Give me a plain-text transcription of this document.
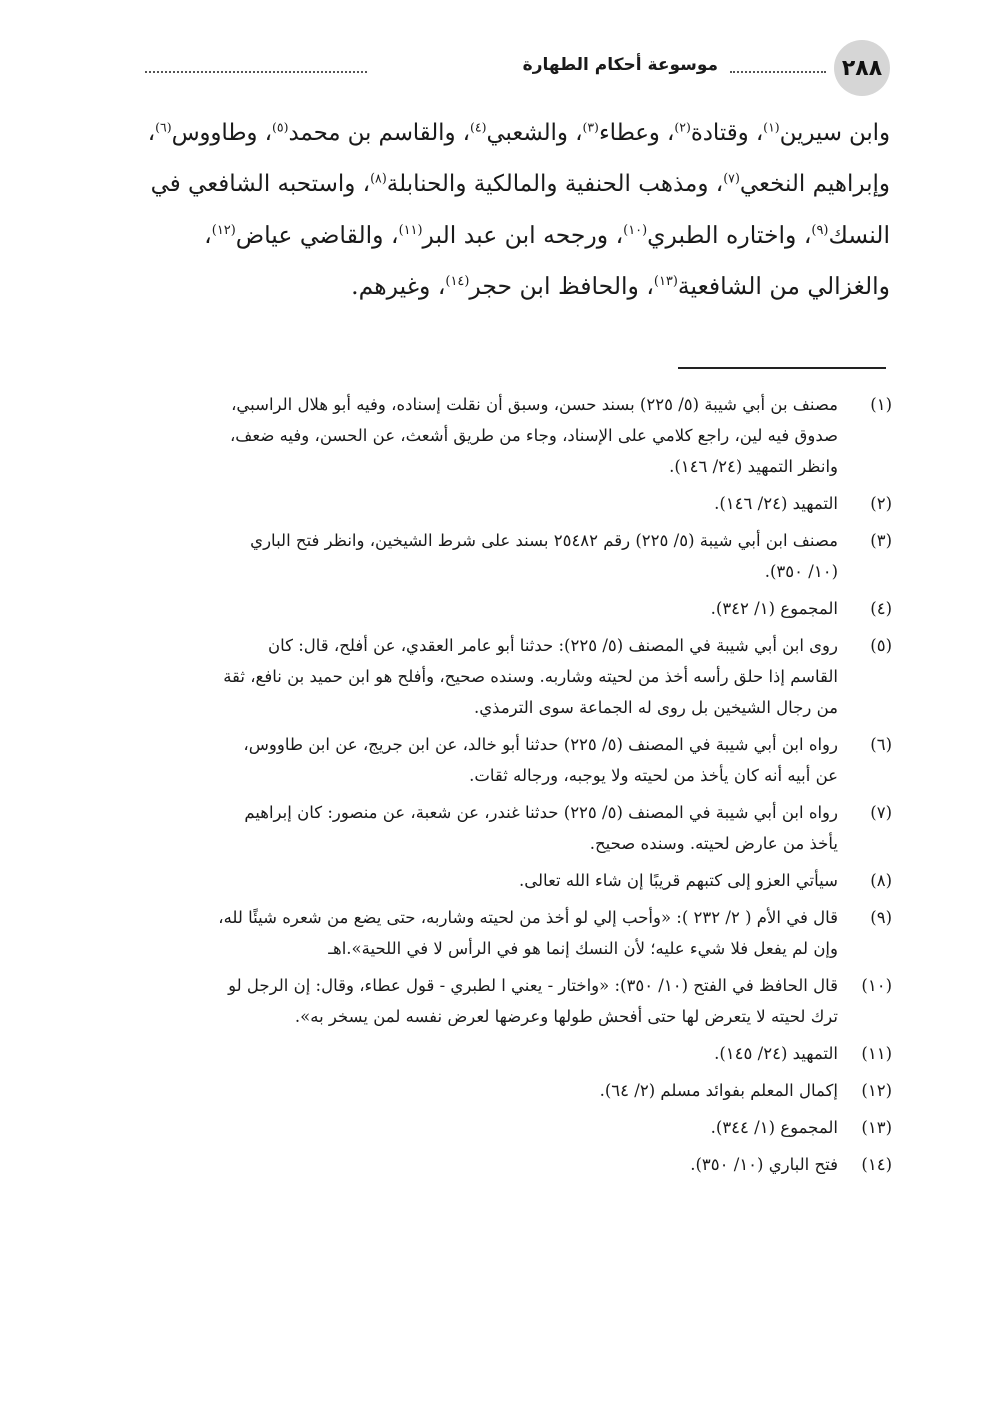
٢٨٨
موسوعة أحكام الطهارة
وابن سيرين$^{(١)}$، وقتادة$^{(٢)}$، وعطاء$^{(٣)}$، والشعبي$^{(٤)}$، والقاسم بن محمد$^{(٥)}$، وطاووس$^{(٦)}$،
وإبراهيم النخعي$^{(٧)}$، ومذهب الحنفية والمالكية والحنابلة$^{(٨)}$، واستحبه الشافعي في
النسك$^{(٩)}$، واختاره الطبري$^{(١٠)}$، ورجحه ابن عبد البر$^{(١١)}$، والقاضي عياض$^{(١٢)}$،
والغزالي من الشافعية$^{(١٣)}$، والحافظ ابن حجر$^{(١٤)}$، وغيرهم.
(١)
مصنف بن أبي شيبة (٥/ ٢٢٥) بسند حسن، وسبق أن نقلت إسناده، وفيه أبو هلال الراسبي،
صدوق فيه لين، راجع كلامي على الإسناد، وجاء من طريق أشعث، عن الحسن، وفيه ضعف،
وانظر التمهيد (٢٤/ ١٤٦).
(٢)
التمهيد (٢٤/ ١٤٦).
(٣)
مصنف ابن أبي شيبة (٥/ ٢٢٥) رقم ٢٥٤٨٢ بسند على شرط الشيخين، وانظر فتح الباري
(١٠/ ٣٥٠).
(٤)
المجموع (١/ ٣٤٢).
(٥)
روى ابن أبي شيبة في المصنف (٥/ ٢٢٥): حدثنا أبو عامر العقدي، عن أفلح، قال: كان
القاسم إذا حلق رأسه أخذ من لحيته وشاربه. وسنده صحيح، وأفلح هو ابن حميد بن نافع، ثقة
من رجال الشيخين بل روى له الجماعة سوى الترمذي.
(٦)
رواه ابن أبي شيبة في المصنف (٥/ ٢٢٥) حدثنا أبو خالد، عن ابن جريج، عن ابن طاووس،
عن أبيه أنه كان يأخذ من لحيته ولا يوجبه، ورجاله ثقات.
(٧)
رواه ابن أبي شيبة في المصنف (٥/ ٢٢٥) حدثنا غندر، عن شعبة، عن منصور: كان إبراهيم
يأخذ من عارض لحيته. وسنده صحيح.
(٨)
سيأتي العزو إلى كتبهم قريبًا إن شاء الله تعالى.
(٩)
قال في الأم ( ٢/ ٢٣٢ ): «وأحب إلي لو أخذ من لحيته وشاربه، حتى يضع من شعره شيئًا لله،
وإن لم يفعل فلا شيء عليه؛ لأن النسك إنما هو في الرأس لا في اللحية».اهـ
(١٠)
قال الحافظ في الفتح (١٠/ ٣٥٠): «واختار - يعني ا لطبري - قول عطاء، وقال: إن الرجل لو
ترك لحيته لا يتعرض لها حتى أفحش طولها وعرضها لعرض نفسه لمن يسخر به».
(١١)
التمهيد (٢٤/ ١٤٥).
(١٢)
إكمال المعلم بفوائد مسلم (٢/ ٦٤).
(١٣)
المجموع (١/ ٣٤٤).
(١٤)
فتح الباري (١٠/ ٣٥٠).
